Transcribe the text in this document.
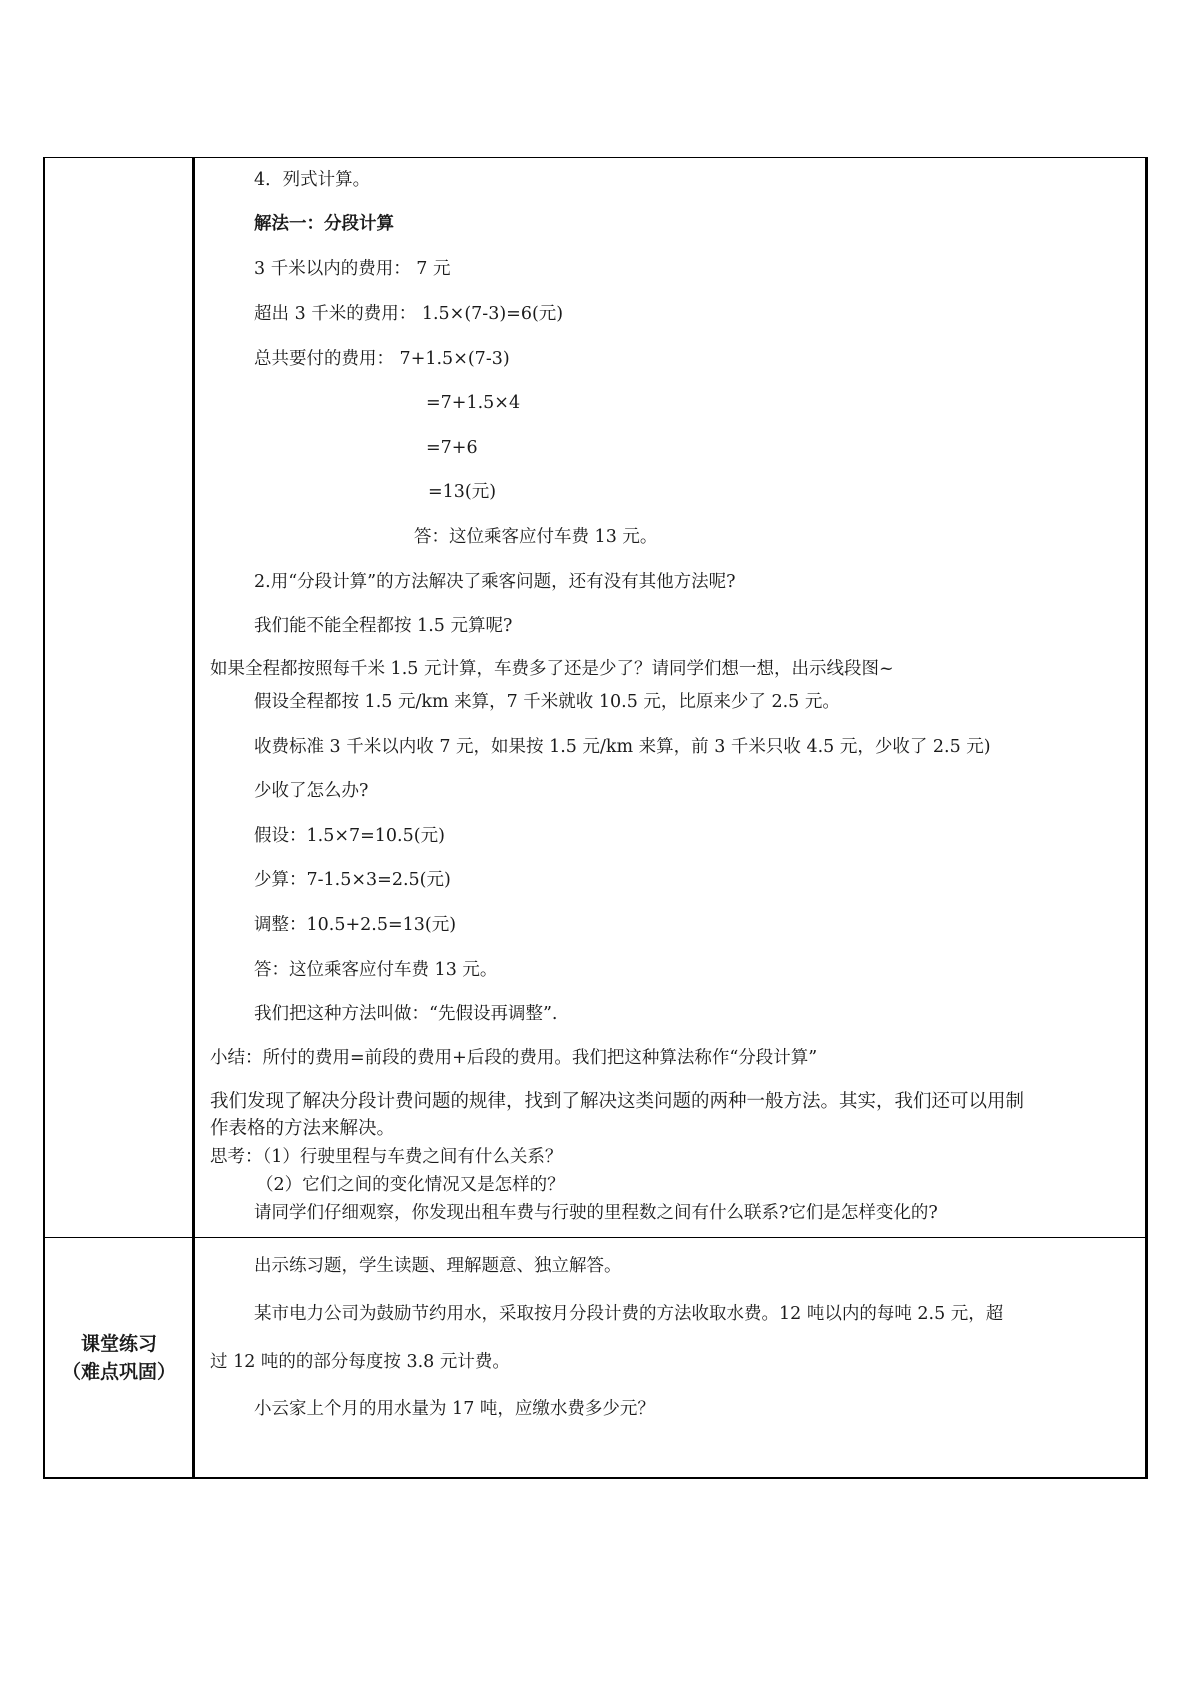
4．列式计算。
解法一：分段计算
3 千米以内的费用： 7 元
超出 3 千米的费用： 1.5×(7-3)=6(元)
总共要付的费用： 7+1.5×(7-3)
=7+1.5×4
=7+6
=13(元)
答：这位乘客应付车费 13 元。
2.用“分段计算”的方法解决了乘客问题，还有没有其他方法呢?
我们能不能全程都按 1.5 元算呢?
如果全程都按照每千米 1.5 元计算，车费多了还是少了？请同学们想一想，出示线段图~
假设全程都按 1.5 元/km 来算，7 千米就收 10.5 元，比原来少了 2.5 元。
收费标准 3 千米以内收 7 元，如果按 1.5 元/km 来算，前 3 千米只收 4.5 元，少收了 2.5 元)
少收了怎么办?
假设：1.5×7=10.5(元)
少算：7-1.5×3=2.5(元)
调整：10.5+2.5=13(元)
答：这位乘客应付车费 13 元。
我们把这种方法叫做：“先假设再调整”.
小结：所付的费用=前段的费用+后段的费用。我们把这种算法称作“分段计算”
我们发现了解决分段计费问题的规律，找到了解决这类问题的两种一般方法。其实，我们还可以用制
作表格的方法来解决。
思考：（1）行驶里程与车费之间有什么关系？
（2）它们之间的变化情况又是怎样的？
请同学们仔细观察，你发现出租车费与行驶的里程数之间有什么联系?它们是怎样变化的?
课堂练习
（难点巩固）
出示练习题，学生读题、理解题意、独立解答。
某市电力公司为鼓励节约用水，采取按月分段计费的方法收取水费。12 吨以内的每吨 2.5 元，超
过 12 吨的的部分每度按 3.8 元计费。
小云家上个月的用水量为 17 吨，应缴水费多少元？
